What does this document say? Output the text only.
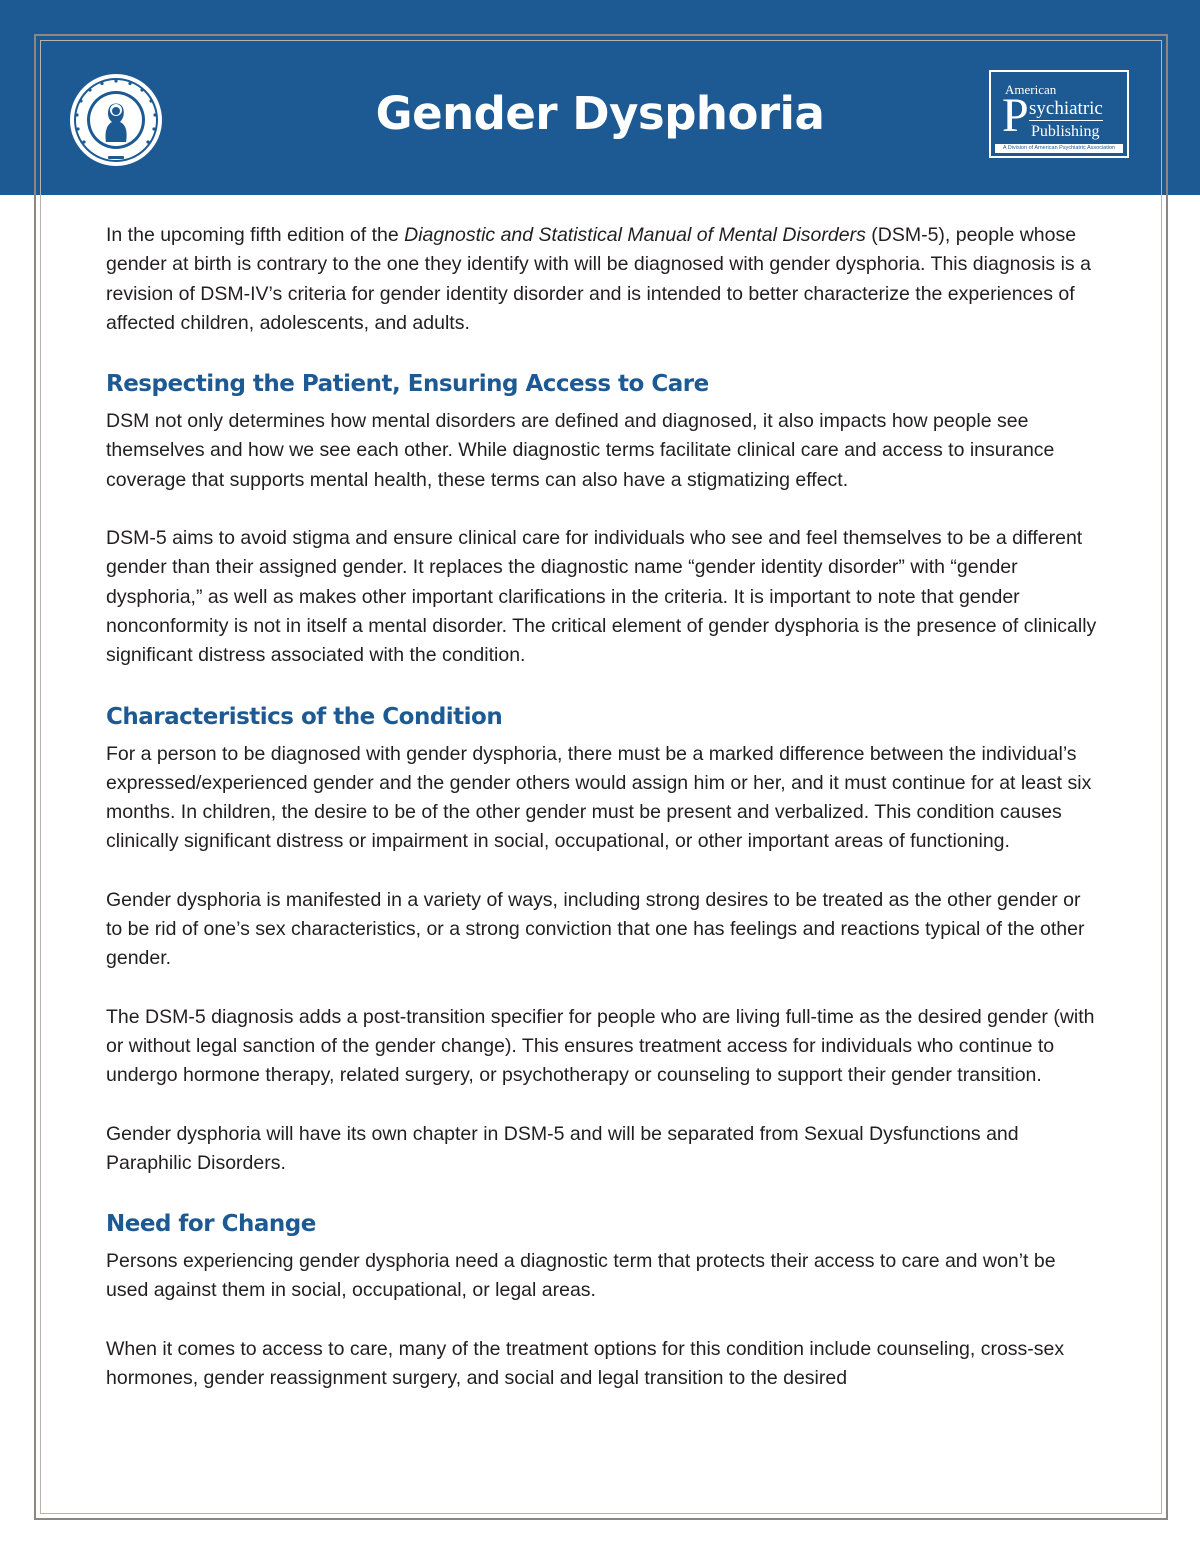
Gender Dysphoria	American
P sychiatric
Publishing
A Division of American Psychiatric Association

In the upcoming fifth edition of the Diagnostic and Statistical Manual of Mental Disorders (DSM-5), people whose gender at birth is contrary to the one they identify with will be diagnosed with gender dysphoria. This diagnosis is a revision of DSM-IV’s criteria for gender identity disorder and is intended to better characterize the experiences of affected children, adolescents, and adults.

Respecting the Patient, Ensuring Access to Care

DSM not only determines how mental disorders are defined and diagnosed, it also impacts how people see themselves and how we see each other. While diagnostic terms facilitate clinical care and access to insurance coverage that supports mental health, these terms can also have a stigmatizing effect.

DSM-5 aims to avoid stigma and ensure clinical care for individuals who see and feel themselves to be a different gender than their assigned gender. It replaces the diagnostic name “gender identity disorder” with “gender dysphoria,” as well as makes other important clarifications in the criteria. It is important to note that gender nonconformity is not in itself a mental disorder. The critical element of gender dysphoria is the presence of clinically significant distress associated with the condition.

Characteristics of the Condition

For a person to be diagnosed with gender dysphoria, there must be a marked difference between the individual’s expressed/experienced gender and the gender others would assign him or her, and it must continue for at least six months. In children, the desire to be of the other gender must be present and verbalized. This condition causes clinically significant distress or impairment in social, occupational, or other important areas of functioning.

Gender dysphoria is manifested in a variety of ways, including strong desires to be treated as the other gender or to be rid of one’s sex characteristics, or a strong conviction that one has feelings and reactions typical of the other gender.

The DSM-5 diagnosis adds a post-transition specifier for people who are living full-time as the desired gender (with or without legal sanction of the gender change). This ensures treatment access for individuals who continue to undergo hormone therapy, related surgery, or psychotherapy or counseling to support their gender transition.

Gender dysphoria will have its own chapter in DSM-5 and will be separated from Sexual Dysfunctions and Paraphilic Disorders.

Need for Change

Persons experiencing gender dysphoria need a diagnostic term that protects their access to care and won’t be used against them in social, occupational, or legal areas.

When it comes to access to care, many of the treatment options for this condition include counseling, cross-sex hormones, gender reassignment surgery, and social and legal transition to the desired
